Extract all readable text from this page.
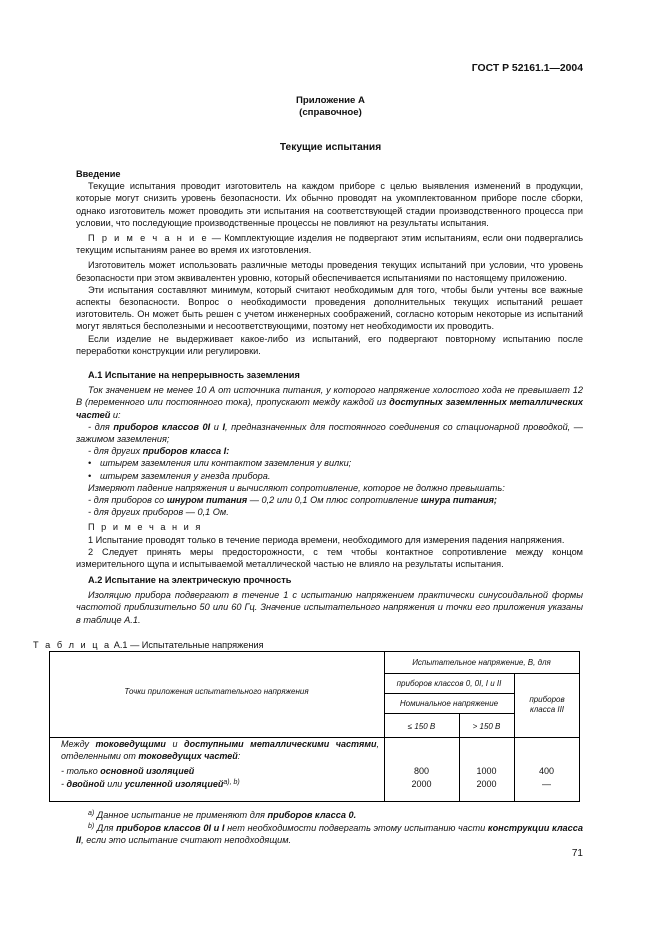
ГОСТ Р 52161.1—2004
Приложение А
(справочное)
Текущие испытания

Введение

Текущие испытания проводит изготовитель на каждом приборе с целью выявления изменений в продукции, которые могут снизить уровень безопасности. Их обычно проводят на укомплектованном приборе после сборки, однако изготовитель может проводить эти испытания на соответствующей стадии производственного процесса при условии, что последующие производственные процессы не повлияют на результаты испытания.

П р и м е ч а н и е — Комплектующие изделия не подвергают этим испытаниям, если они подвергались текущим испытаниям ранее во время их изготовления.

Изготовитель может использовать различные методы проведения текущих испытаний при условии, что уровень безопасности при этом эквивалентен уровню, который обеспечивается испытаниями по настоящему приложению.

Эти испытания составляют минимум, который считают необходимым для того, чтобы были учтены все важные аспекты безопасности. Вопрос о необходимости проведения дополнительных текущих испытаний решает изготовитель. Он может быть решен с учетом инженерных соображений, согласно которым некоторые из испытаний могут являться бесполезными и несоответствующими, поэтому нет необходимости их проводить.

Если изделие не выдерживает какое-либо из испытаний, его подвергают повторному испытанию после переработки конструкции или регулировки.

А.1 Испытание на непрерывность заземления

Ток значением не менее 10 А от источника питания, у которого напряжение холостого хода не превышает 12 В (переменного или постоянного тока), пропускают между каждой из доступных заземленных металлических частей и:

- для приборов классов 0I и I, предназначенных для постоянного соединения со стационарной проводкой, — зажимом заземления;

- для других приборов класса I:

• штырем заземления или контактом заземления у вилки;
• штырем заземления у гнезда прибора.

Измеряют падение напряжения и вычисляют сопротивление, которое не должно превышать:

- для приборов со шнуром питания — 0,2 или 0,1 Ом плюс сопротивление шнура питания;

- для других приборов — 0,1 Ом.

П р и м е ч а н и я

1 Испытание проводят только в течение периода времени, необходимого для измерения падения напряжения.

2 Следует принять меры предосторожности, с тем чтобы контактное сопротивление между концом измерительного щупа и испытываемой металлической частью не влияло на результаты испытания.

А.2 Испытание на электрическую прочность

Изоляцию прибора подвергают в течение 1 с испытанию напряжением практически синусоидальной формы частотой приблизительно 50 или 60 Гц. Значение испытательного напряжения и точки его приложения указаны в таблице А.1.

Т а б л и ц а А.1 — Испытательные напряжения
Точки приложения испытательного напряжения
Испытательное напряжение, В, для
приборов классов 0, 0I, I и II
Номинальное напряжение
≤ 150 В	> 150 В
приборов класса III
Между токоведущими и доступными металлическими частями, отделенными от токоведущих частей:
- только основной изоляцией	800	1000	400
- двойной или усиленной изоляцией$^{a), b)}$	2000	2000	—
$^{a)}$ Данное испытание не применяют для приборов класса 0.
$^{b)}$ Для приборов классов 0I и I нет необходимости подвергать этому испытанию части конструкции класса II, если это испытание считают неподходящим.
71
